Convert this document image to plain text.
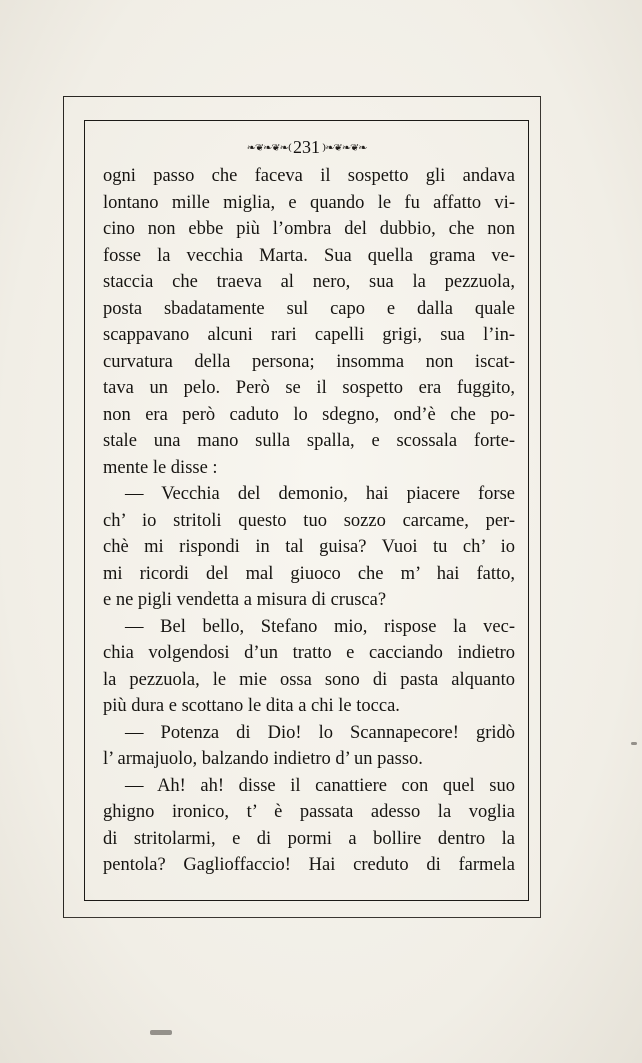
❧❦❧❦❧( 231 )❧❦❧❦❧
ogni passo che faceva il sospetto gli andava
lontano mille miglia, e quando le fu affatto vi-
cino non ebbe più l’ombra del dubbio, che non
fosse la vecchia Marta. Sua quella grama ve-
staccia che traeva al nero, sua la pezzuola,
posta sbadatamente sul capo e dalla quale
scappavano alcuni rari capelli grigi, sua l’in-
curvatura della persona; insomma non iscat-
tava un pelo. Però se il sospetto era fuggito,
non era però caduto lo sdegno, ond’è che po-
stale una mano sulla spalla, e scossala forte-
mente le disse :
— Vecchia del demonio, hai piacere forse
ch’ io stritoli questo tuo sozzo carcame, per-
chè mi rispondi in tal guisa? Vuoi tu ch’ io
mi ricordi del mal giuoco che m’ hai fatto,
e ne pigli vendetta a misura di crusca?
— Bel bello, Stefano mio, rispose la vec-
chia volgendosi d’un tratto e cacciando indietro
la pezzuola, le mie ossa sono di pasta alquanto
più dura e scottano le dita a chi le tocca.
— Potenza di Dio! lo Scannapecore! gridò
l’ armajuolo, balzando indietro d’ un passo.
— Ah! ah! disse il canattiere con quel suo
ghigno ironico, t’ è passata adesso la voglia
di stritolarmi, e di pormi a bollire dentro la
pentola? Gaglioffaccio! Hai creduto di farmela
